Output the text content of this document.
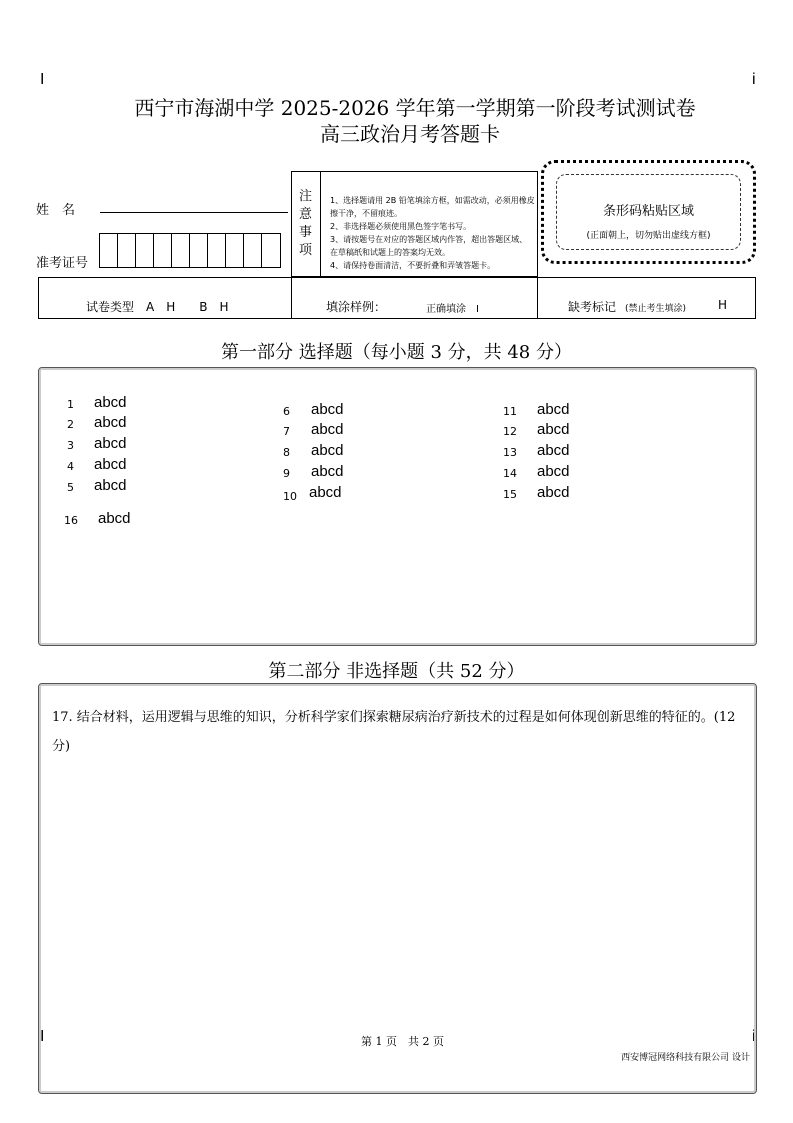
I	i
I	i
西宁市海湖中学 2025-2026 学年第一学期第一阶段考试测试卷
高三政治月考答题卡
姓　名
准考证号
注
意
事
项
1、选择题请用 2B 铅笔填涂方框，如需改动，必须用橡皮擦干净，不留痕迹。
2、非选择题必须使用黑色签字笔书写。
3、请按题号在对应的答题区域内作答，超出答题区域、在草稿纸和试题上的答案均无效。
4、请保持卷面清洁，不要折叠和弄皱答题卡。
条形码粘贴区域
(正面朝上，切勿贴出虚线方框)
试卷类型　A　H　　B　H	填涂样例：	正确填涂　I	缺考标记 (禁止考生填涂)	H
第一部分 选择题（每小题 3 分，共 48 分）
1 abcd
2 abcd
3 abcd
4 abcd
5 abcd
6 abcd
7 abcd
8 abcd
9 abcd
10 abcd
11 abcd
12 abcd
13 abcd
14 abcd
15 abcd
16 abcd
第二部分 非选择题（共 52 分）
17. 结合材料，运用逻辑与思维的知识，分析科学家们探索糖尿病治疗新技术的过程是如何体现创新思维的特征的。(12 分)
第 1 页　共 2 页
西安博冠网络科技有限公司 设计
